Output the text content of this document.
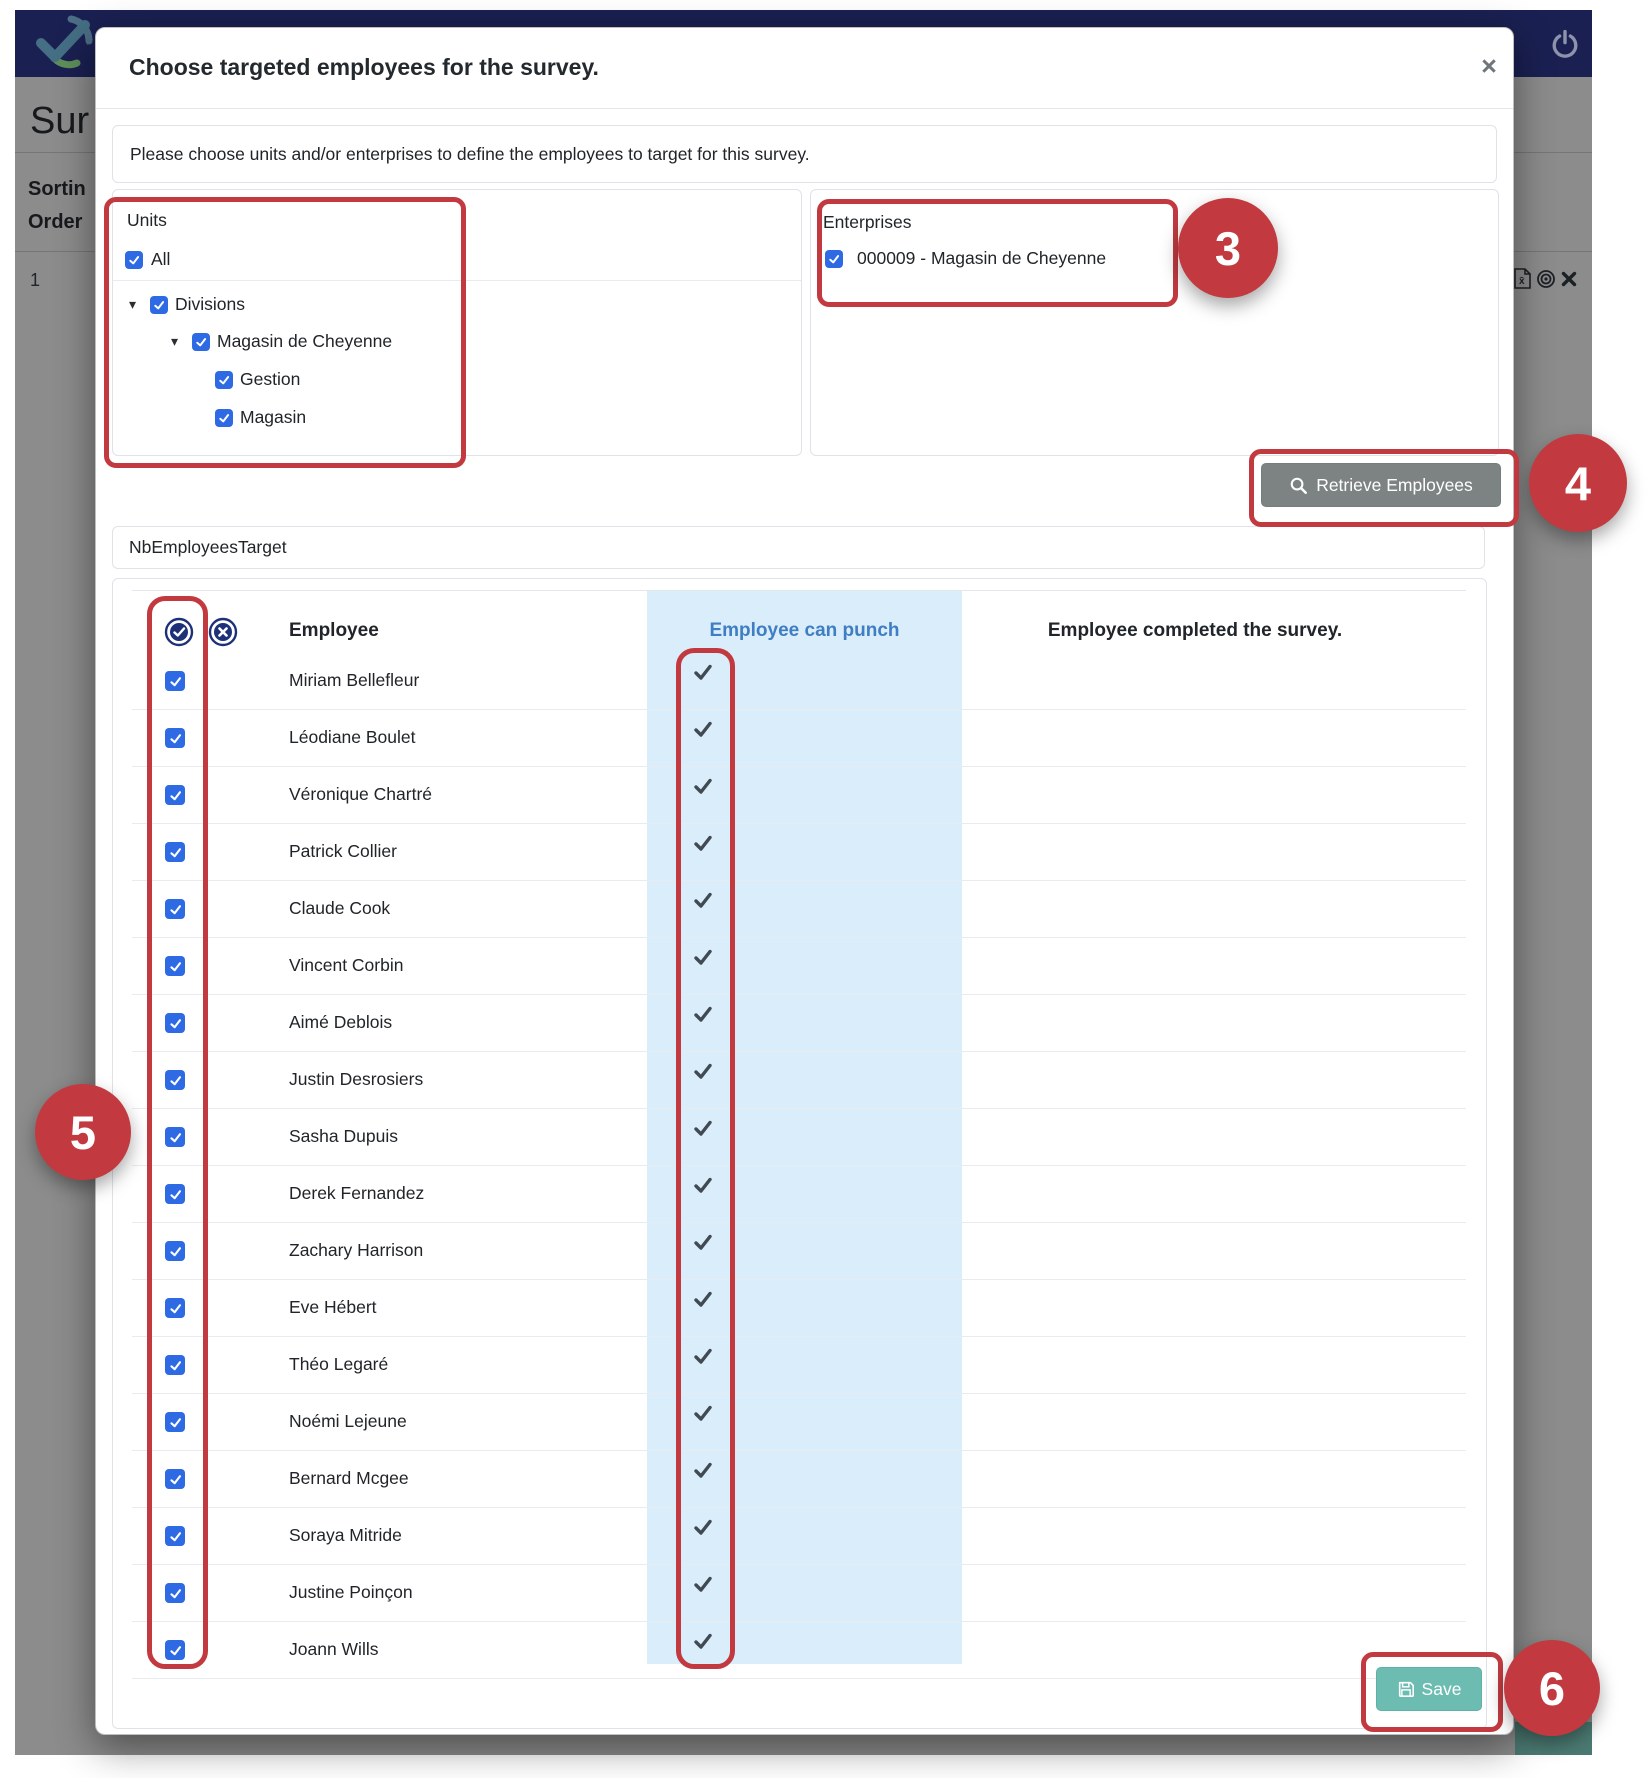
Sur
Sortin
Order
1	x̄
Choose targeted employees for the survey.	×
Please choose units and/or enterprises to define the employees to target for this survey.
Units
All
▾	Divisions
▾	Magasin de Cheyenne
Gestion
Magasin
Enterprises
000009 - Magasin de Cheyenne
Retrieve Employees
NbEmployeesTarget
Employee	Employee can punch	Employee completed the survey.
Miriam Bellefleur
Léodiane Boulet
Véronique Chartré
Patrick Collier
Claude Cook
Vincent Corbin
Aimé Deblois
Justin Desrosiers
Sasha Dupuis
Derek Fernandez
Zachary Harrison
Eve Hébert
Théo Legaré
Noémi Lejeune
Bernard Mcgee
Soraya Mitride
Justine Poinçon
Joann Wills
Save
3
4
5
6
